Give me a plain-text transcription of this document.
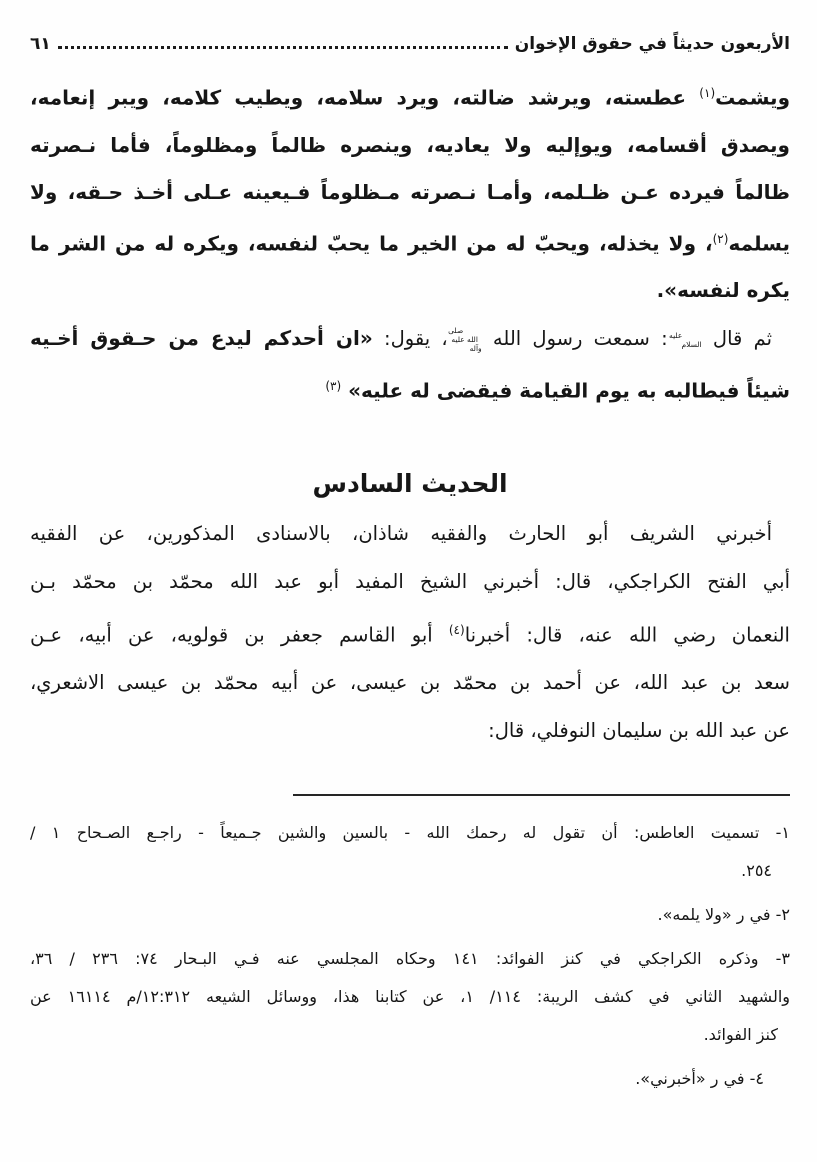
الأربعون حديثاً في حقوق الإخوان
٦١
ويشمت$^{(١)}$ عطسته، ويرشد ضالته، ويرد سلامه، ويطيب كلامه، ويبر إنعامه،
ويصدق أقسامه، ويوإليه ولا يعاديه، وينصره ظالماً ومظلوماً، فأما نـصرته
ظالماً فيرده عـن ظـلمه، وأمـا نـصرته مـظلوماً فـيعينه عـلى أخـذ حـقه، ولا
يسلمه$^{(٢)}$، ولا يخذله، ويحبّ له من الخير ما يحبّ لنفسه، ويكره له من الشر ما
يكره لنفسه».
ثم قال عليه السلام: سمعت رسول الله صلى الله عليه وآله، يقول: «ان أحدكم ليدع من حـقوق أخـيه
شيئاً فيطالبه به يوم القيامة فيقضى له عليه» $^{(٣)}$
الحديث السادس
أخبرني الشريف أبو الحارث والفقيه شاذان، بالاسنادى المذكورين، عن الفقيه
أبي الفتح الكراجكي، قال: أخبرني الشيخ المفيد أبو عبد الله محمّد بن محمّد بـن
النعمان رضي الله عنه، قال: أخبرنا$^{(٤)}$ أبو القاسم جعفر بن قولويه، عن أبيه، عـن
سعد بن عبد الله، عن أحمد بن محمّد بن عيسى، عن أبيه محمّد بن عيسى الاشعري،
عن عبد الله بن سليمان النوفلي، قال:
١- تسميت العاطس: أن تقول له رحمك الله - بالسين والشين جـميعاً - راجـع الصـحاح ١ /
٢٥٤.
٢- في ر «ولا يلمه».
٣- وذكره الكراجكي في كنز الفوائد: ١٤١ وحكاه المجلسي عنه فـي البـحار ٧٤: ٢٣٦ / ٣٦،
والشهيد الثاني في كشف الريبة: ١١٤/ ١، عن كتابنا هذا، ووسائل الشيعه ١٢:٣١٢/م ١٦١١٤ عن
كنز الفوائد.
٤- في ر «أخبرني».
